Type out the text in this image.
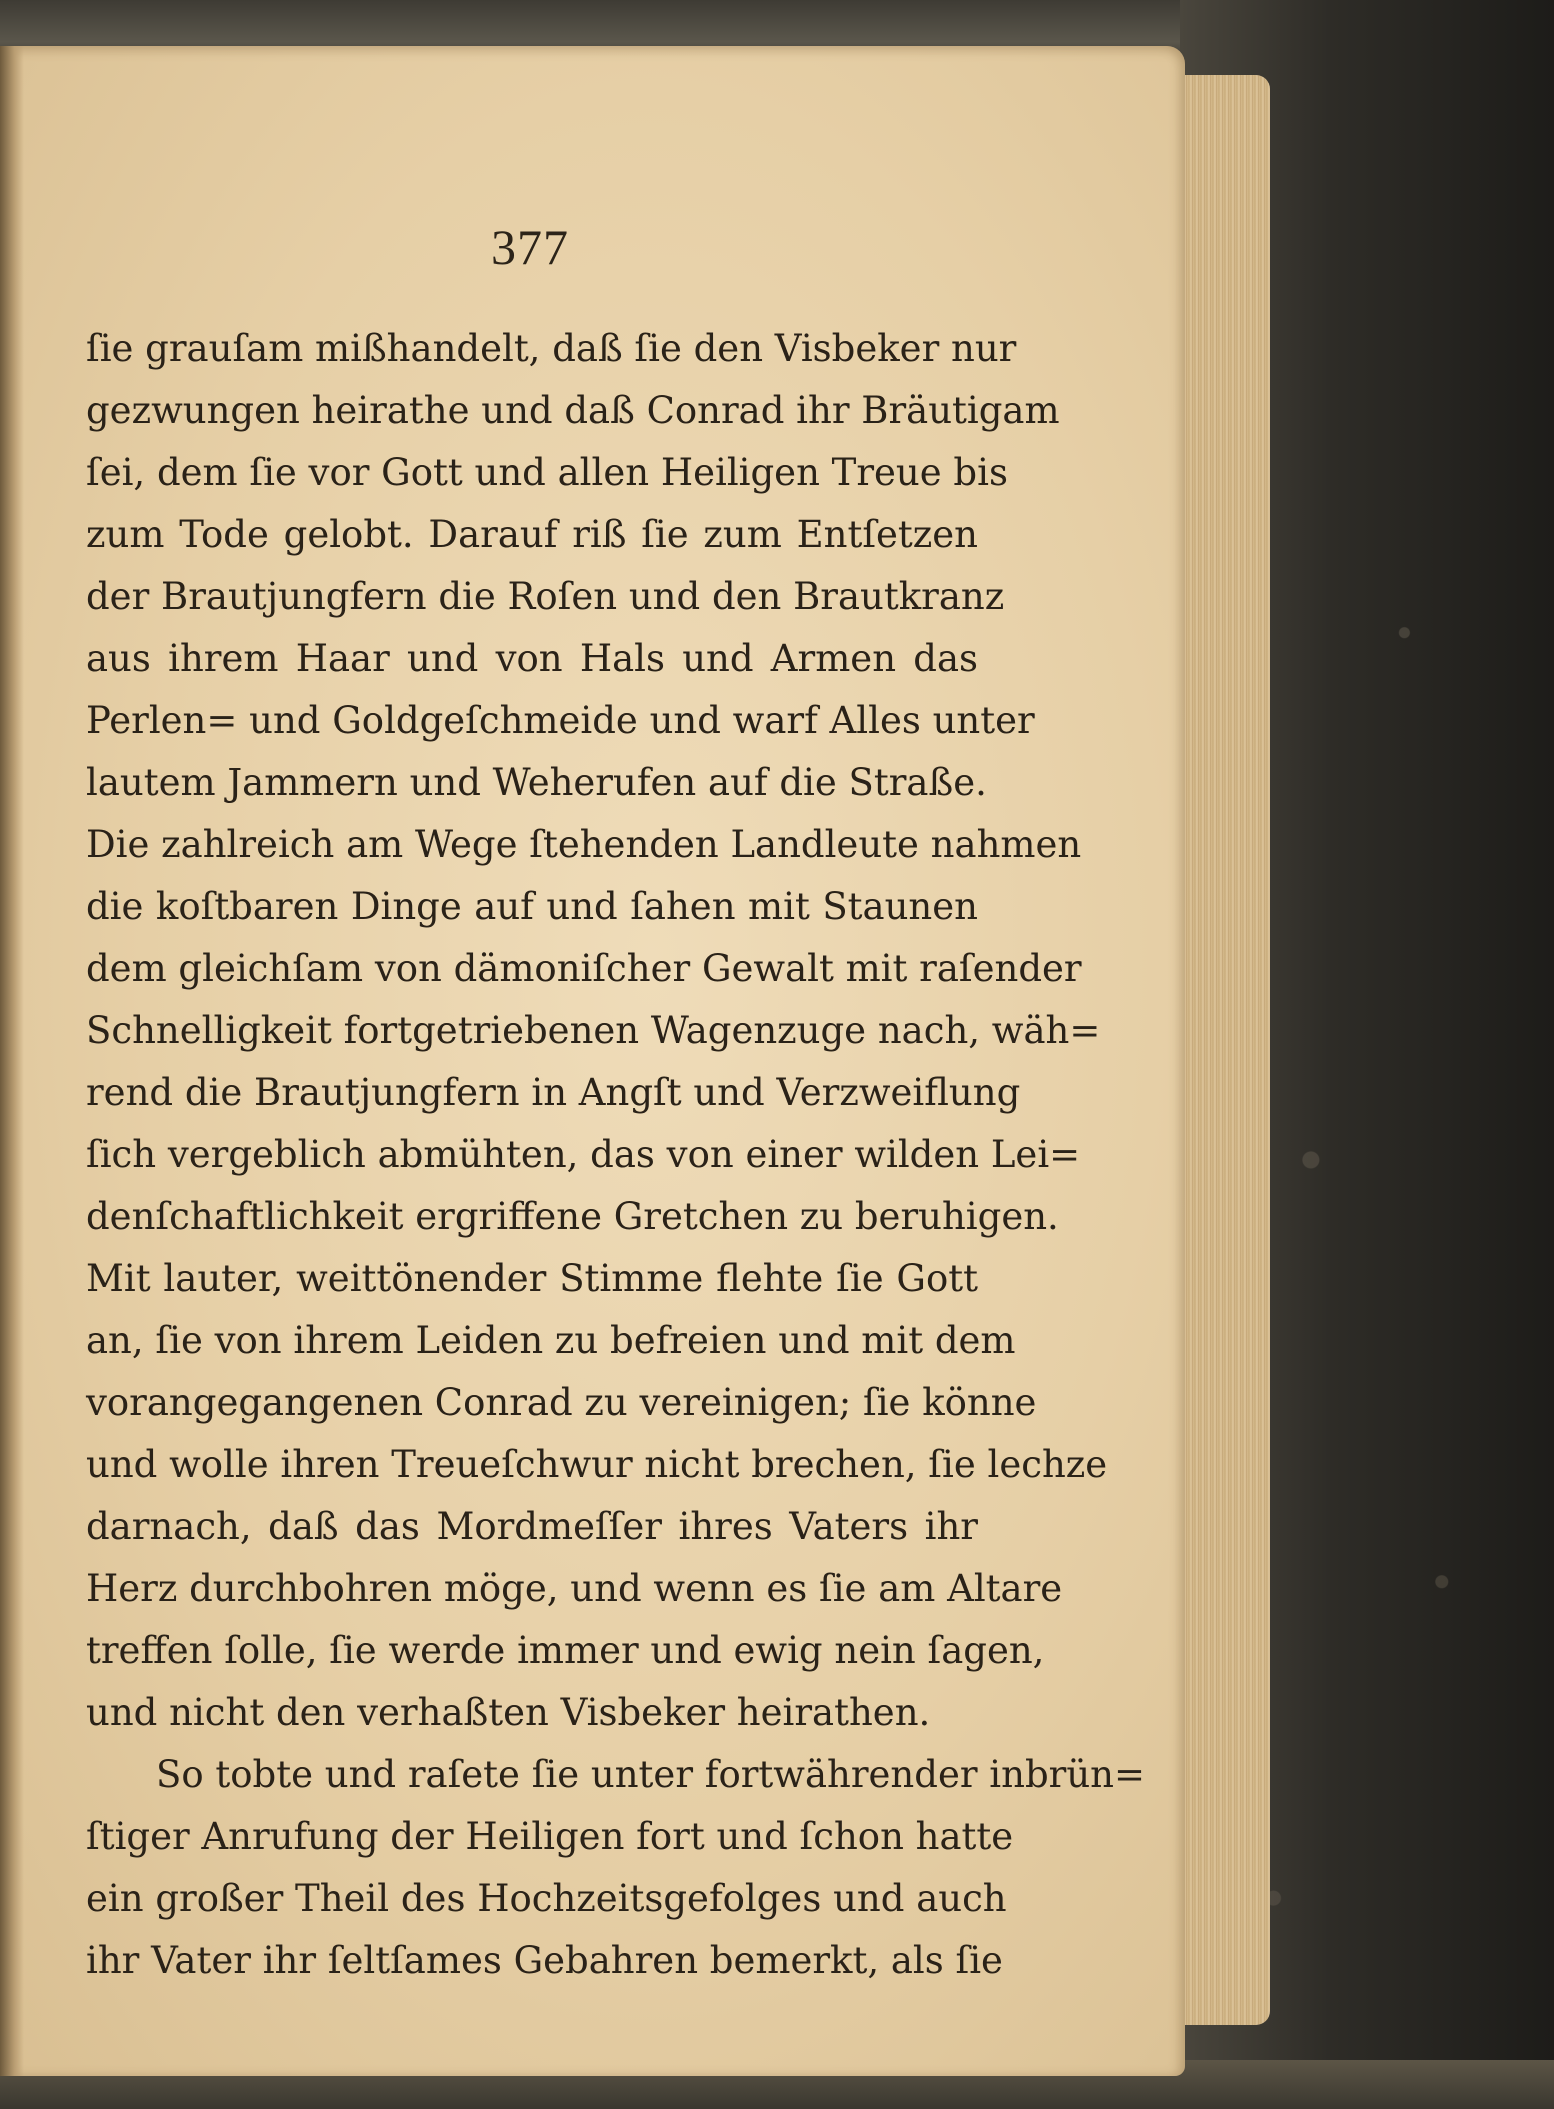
377
ſie grauſam mißhandelt, daß ſie den Visbeker nur
gezwungen heirathe und daß Conrad ihr Bräutigam
ſei, dem ſie vor Gott und allen Heiligen Treue bis
zum Tode gelobt. Darauf riß ſie zum Entſetzen
der Brautjungfern die Roſen und den Brautkranz
aus ihrem Haar und von Hals und Armen das
Perlen= und Goldgeſchmeide und warf Alles unter
lautem Jammern und Weherufen auf die Straße.
Die zahlreich am Wege ſtehenden Landleute nahmen
die koſtbaren Dinge auf und ſahen mit Staunen
dem gleichſam von dämoniſcher Gewalt mit raſender
Schnelligkeit fortgetriebenen Wagenzuge nach, wäh=
rend die Brautjungfern in Angſt und Verzweiflung
ſich vergeblich abmühten, das von einer wilden Lei=
denſchaftlichkeit ergriffene Gretchen zu beruhigen.
Mit lauter, weittönender Stimme flehte ſie Gott
an, ſie von ihrem Leiden zu befreien und mit dem
vorangegangenen Conrad zu vereinigen; ſie könne
und wolle ihren Treueſchwur nicht brechen, ſie lechze
darnach, daß das Mordmeſſer ihres Vaters ihr
Herz durchbohren möge, und wenn es ſie am Altare
treffen ſolle, ſie werde immer und ewig nein ſagen,
und nicht den verhaßten Visbeker heirathen.
So tobte und raſete ſie unter fortwährender inbrün=
ſtiger Anrufung der Heiligen fort und ſchon hatte
ein großer Theil des Hochzeitsgefolges und auch
ihr Vater ihr ſeltſames Gebahren bemerkt, als ſie
